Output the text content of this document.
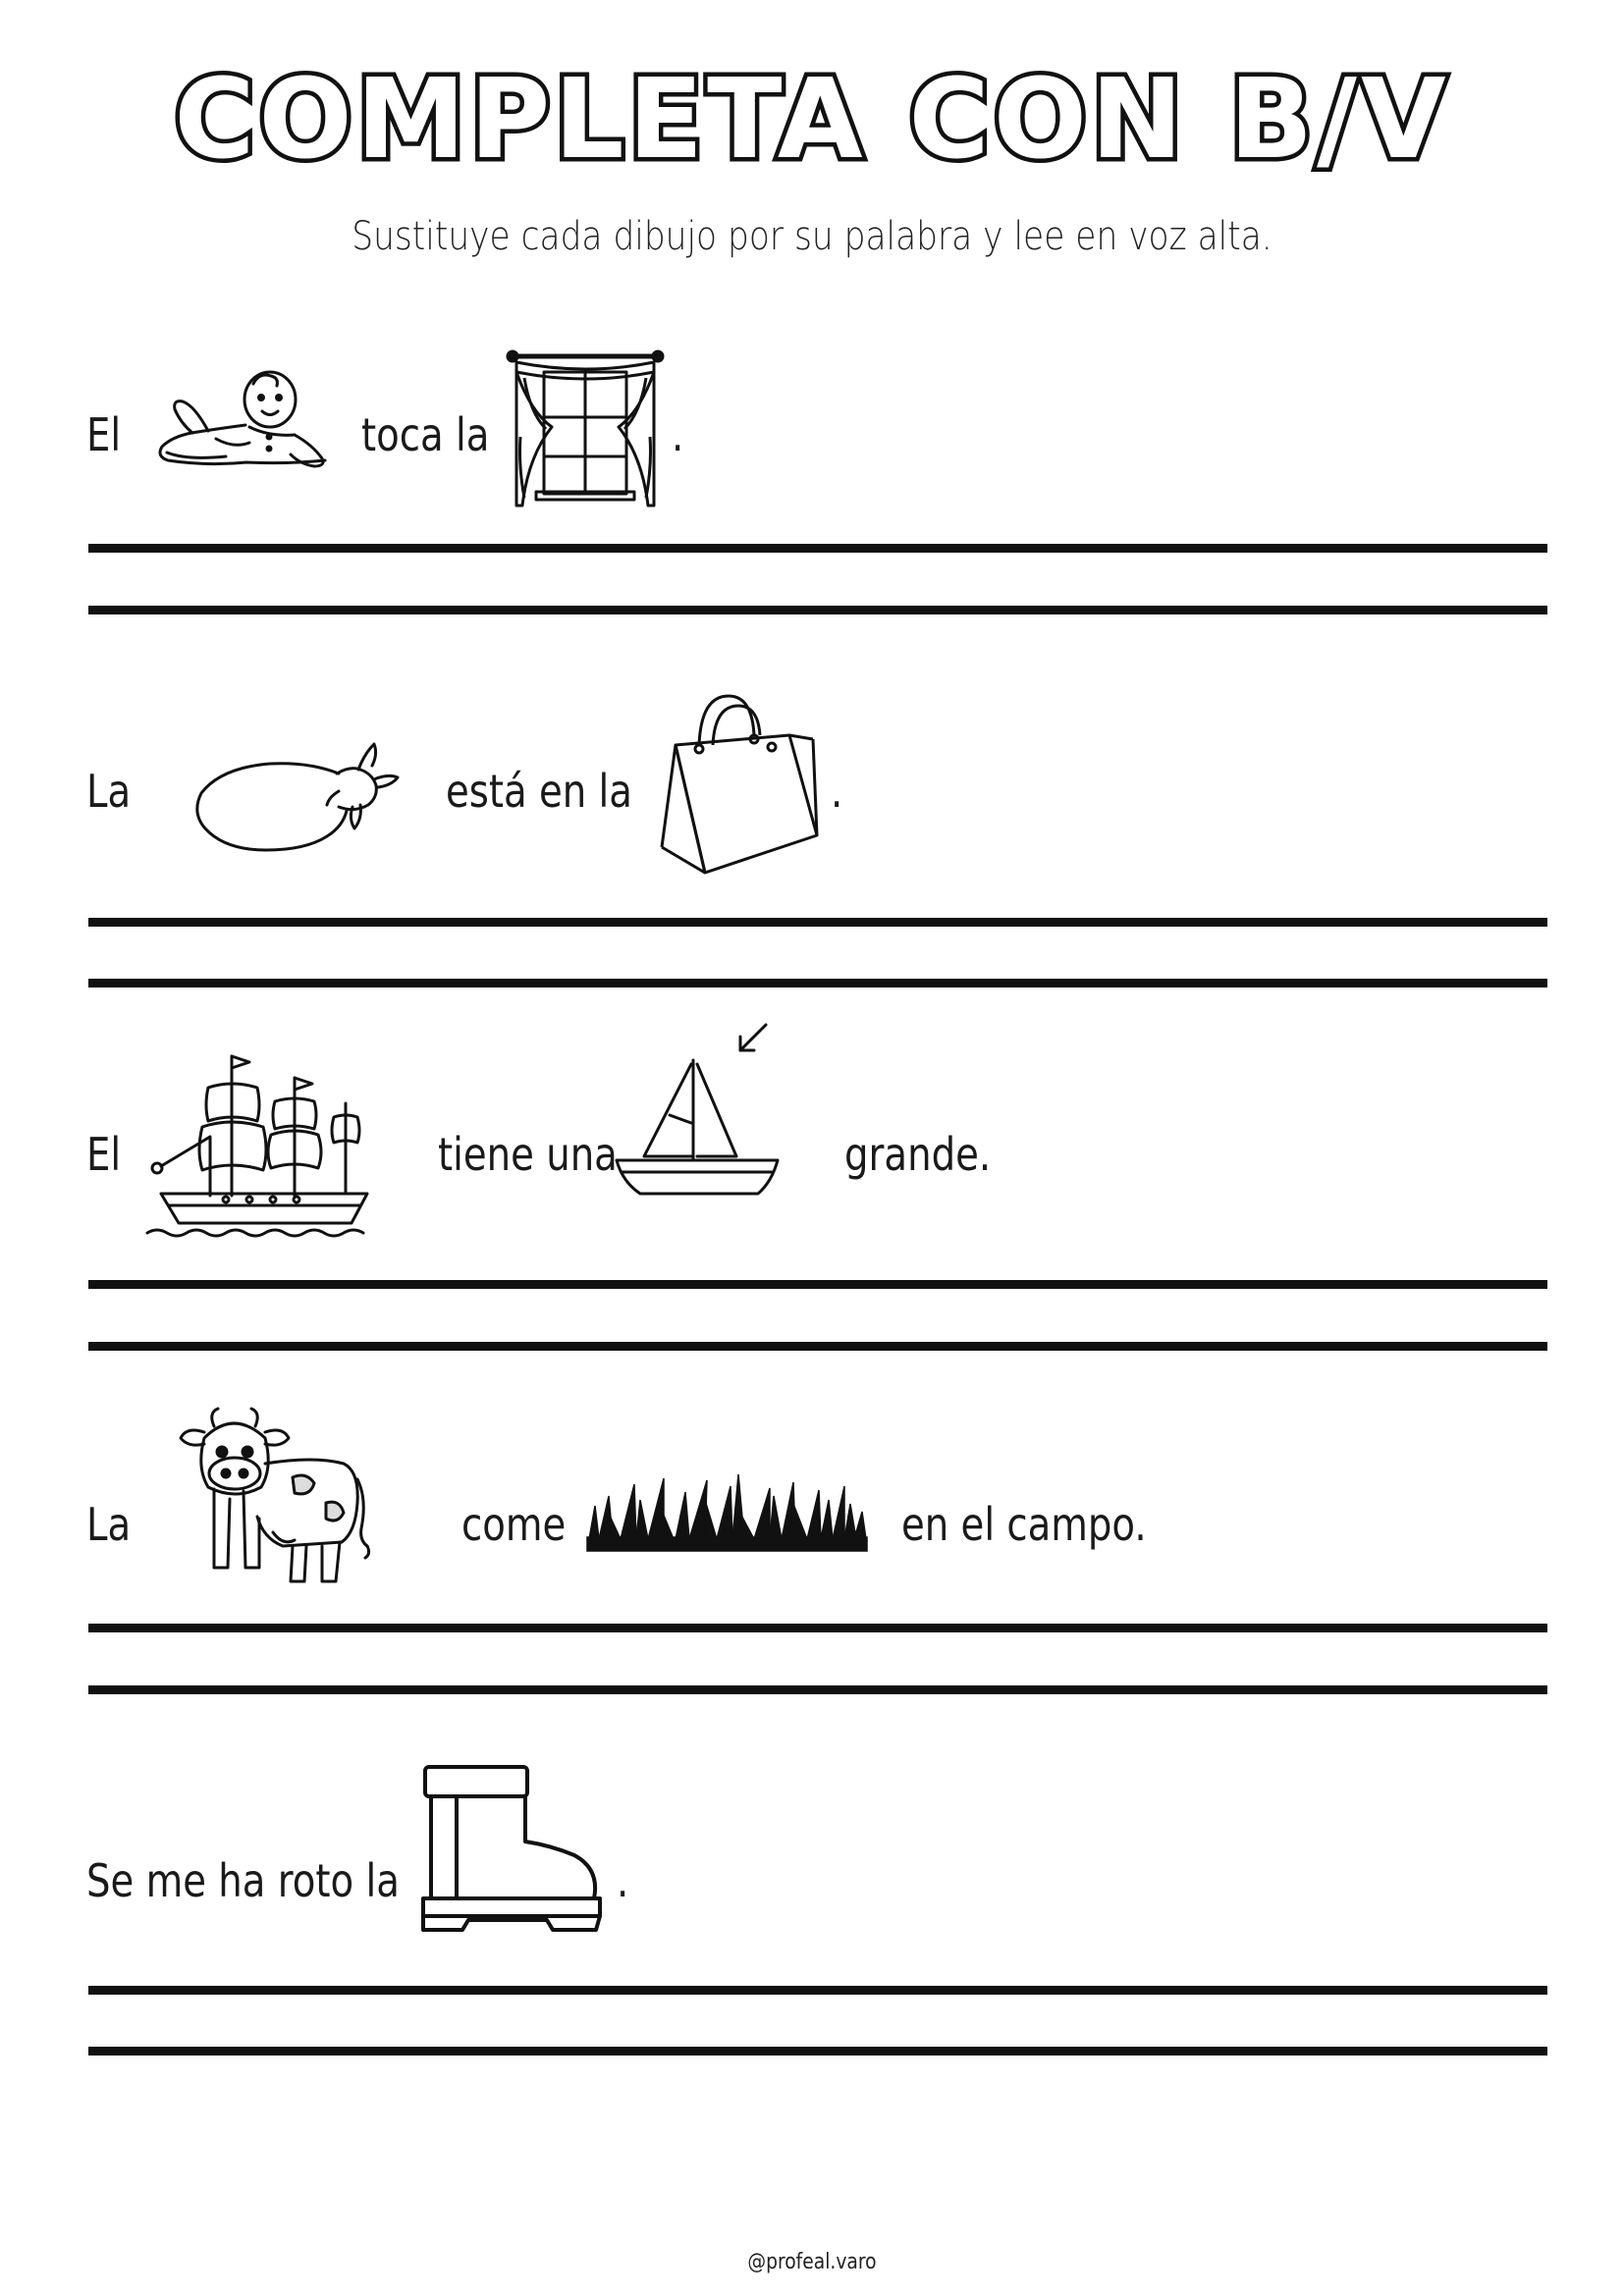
COMPLETA CON B/V
Sustituye cada dibujo por su palabra y lee en voz alta.
El	toca la	.
La	está en la	.
El	tiene una	grande.
La	come	en el campo.
Se me ha roto la	.
@profeal.varo
